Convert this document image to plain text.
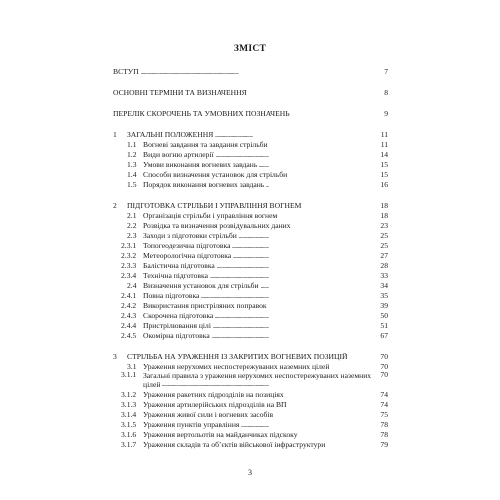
ЗМІСТ
ВСТУП . . .	7
ОСНОВНІ ТЕРМІНИ ТА ВИЗНАЧЕННЯ . . .	8
ПЕРЕЛІК СКОРОЧЕНЬ ТА УМОВНИХ ПОЗНАЧЕНЬ . . .	9
1	ЗАГАЛЬНІ ПОЛОЖЕННЯ . . .	11
1.1 Вогневі завдання та завдання стрільби . . .	11
1.2 Види вогню артилерії . . .	14
1.3 Умови виконання вогневих завдань . . .	15
1.4 Способи визначення установок для стрільби . . .	15
1.5 Порядок виконання вогневих завдань . . .	16
2	ПІДГОТОВКА СТРІЛЬБИ І УПРАВЛІННЯ ВОГНЕМ . . .	18
2.1 Організація стрільби і управління вогнем . . .	18
2.2 Розвідка та визначення розвідувальних даних . . .	23
2.3 Заходи з підготовки стрільби . . .	25
2.3.1 Топогеодезична підготовка . . .	25
2.3.2 Метеорологічна підготовка . . .	27
2.3.3 Балістична підготовка . . .	28
2.3.4 Технічна підготовка . . .	33
2.4 Визначення установок для стрільби . . .	34
2.4.1 Повна підготовка . . .	35
2.4.2 Використання пристріляних поправок . . .	39
2.4.3 Скорочена підготовка . . .	50
2.4.4 Пристрілювання цілі . . .	51
2.4.5 Окомірна підготовка . . .	67
3	СТРІЛЬБА НА УРАЖЕННЯ ІЗ ЗАКРИТИХ ВОГНЕВИХ ПОЗИЦІЙ . . .	70
3.1 Ураження нерухомих неспостережуваних наземних цілей . . .	70
3.1.1 Загальні правила з ураження нерухомих неспостережуваних наземних цілей . . .
70
3.1.2 Ураження ракетних підрозділів на позиціях . . .	74
3.1.3 Ураження артилерійських підрозділів на ВП . . .	74
3.1.4 Ураження живої сили і вогневих засобів . . .	75
3.1.5 Ураження пунктів управління . . .	78
3.1.6 Ураження вертольотів на майданчиках підскоку . . .	78
3.1.7 Ураження складів та об’єктів військової інфраструктури . . .	79
3
